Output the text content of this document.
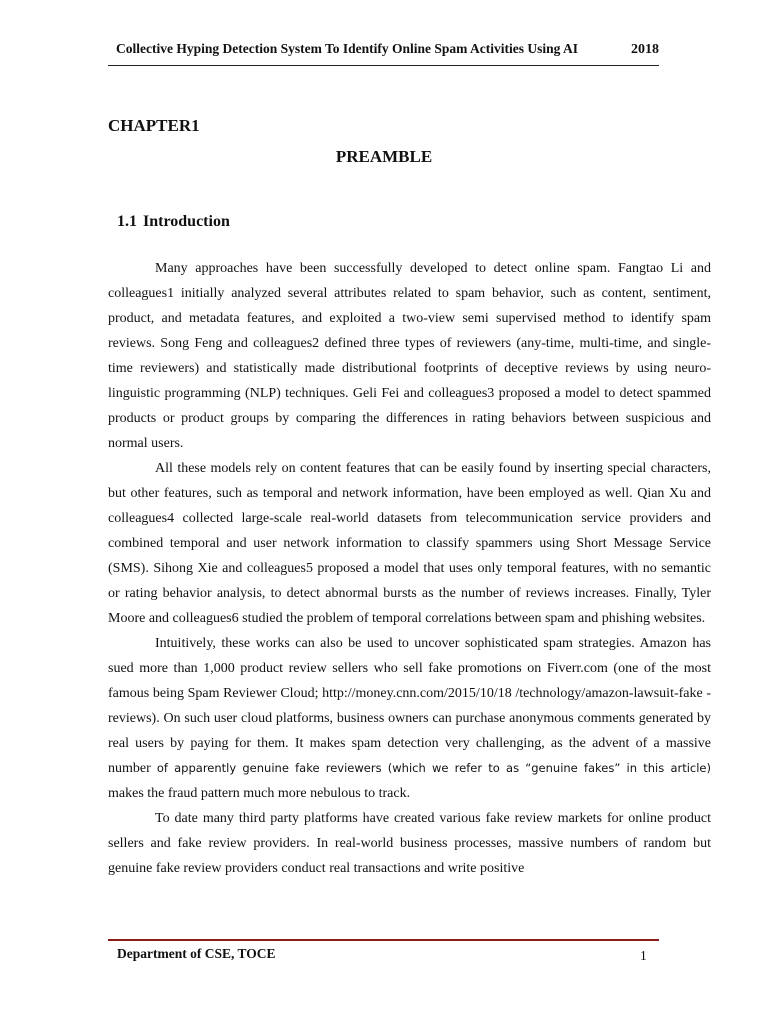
Collective Hyping Detection System To Identify Online Spam Activities Using AI	2018
CHAPTER1
PREAMBLE
1.1 Introduction

Many approaches have been successfully developed to detect online spam. Fangtao Li and colleagues1 initially analyzed several attributes related to spam behavior, such as content, sentiment, product, and metadata features, and exploited a two-view semi supervised method to identify spam reviews. Song Feng and colleagues2 defined three types of reviewers (any-time, multi-time, and single- time reviewers) and statistically made distributional footprints of deceptive reviews by using neuro-linguistic programming (NLP) techniques. Geli Fei and colleagues3 proposed a model to detect spammed products or product groups by comparing the differences in rating behaviors between suspicious and normal users.

All these models rely on content features that can be easily found by inserting special characters, but other features, such as temporal and network information, have been employed as well. Qian Xu and colleagues4 collected large-scale real-world datasets from telecommunication service providers and combined temporal and user network information to classify spammers using Short Message Service (SMS). Sihong Xie and colleagues5 proposed a model that uses only temporal features, with no semantic or rating behavior analysis, to detect abnormal bursts as the number of reviews increases. Finally, Tyler Moore and colleagues6 studied the problem of temporal correlations between spam and phishing websites.

Intuitively, these works can also be used to uncover sophisticated spam strategies. Amazon has sued more than 1,000 product review sellers who sell fake promotions on Fiverr.com (one of the most famous being Spam Reviewer Cloud; http://money.cnn.com/2015/10/18 /technology/amazon-lawsuit-fake -reviews). On such user cloud platforms, business owners can purchase anonymous comments generated by real users by paying for them. It makes spam detection very challenging, as the advent of a massive number of apparently genuine fake reviewers (which we refer to as “genuine fakes” in this article) makes the fraud pattern much more nebulous to track.

To date many third party platforms have created various fake review markets for online product sellers and fake review providers. In real-world business processes, massive numbers of random but genuine fake review providers conduct real transactions and write positive

Department of CSE, TOCE	1
